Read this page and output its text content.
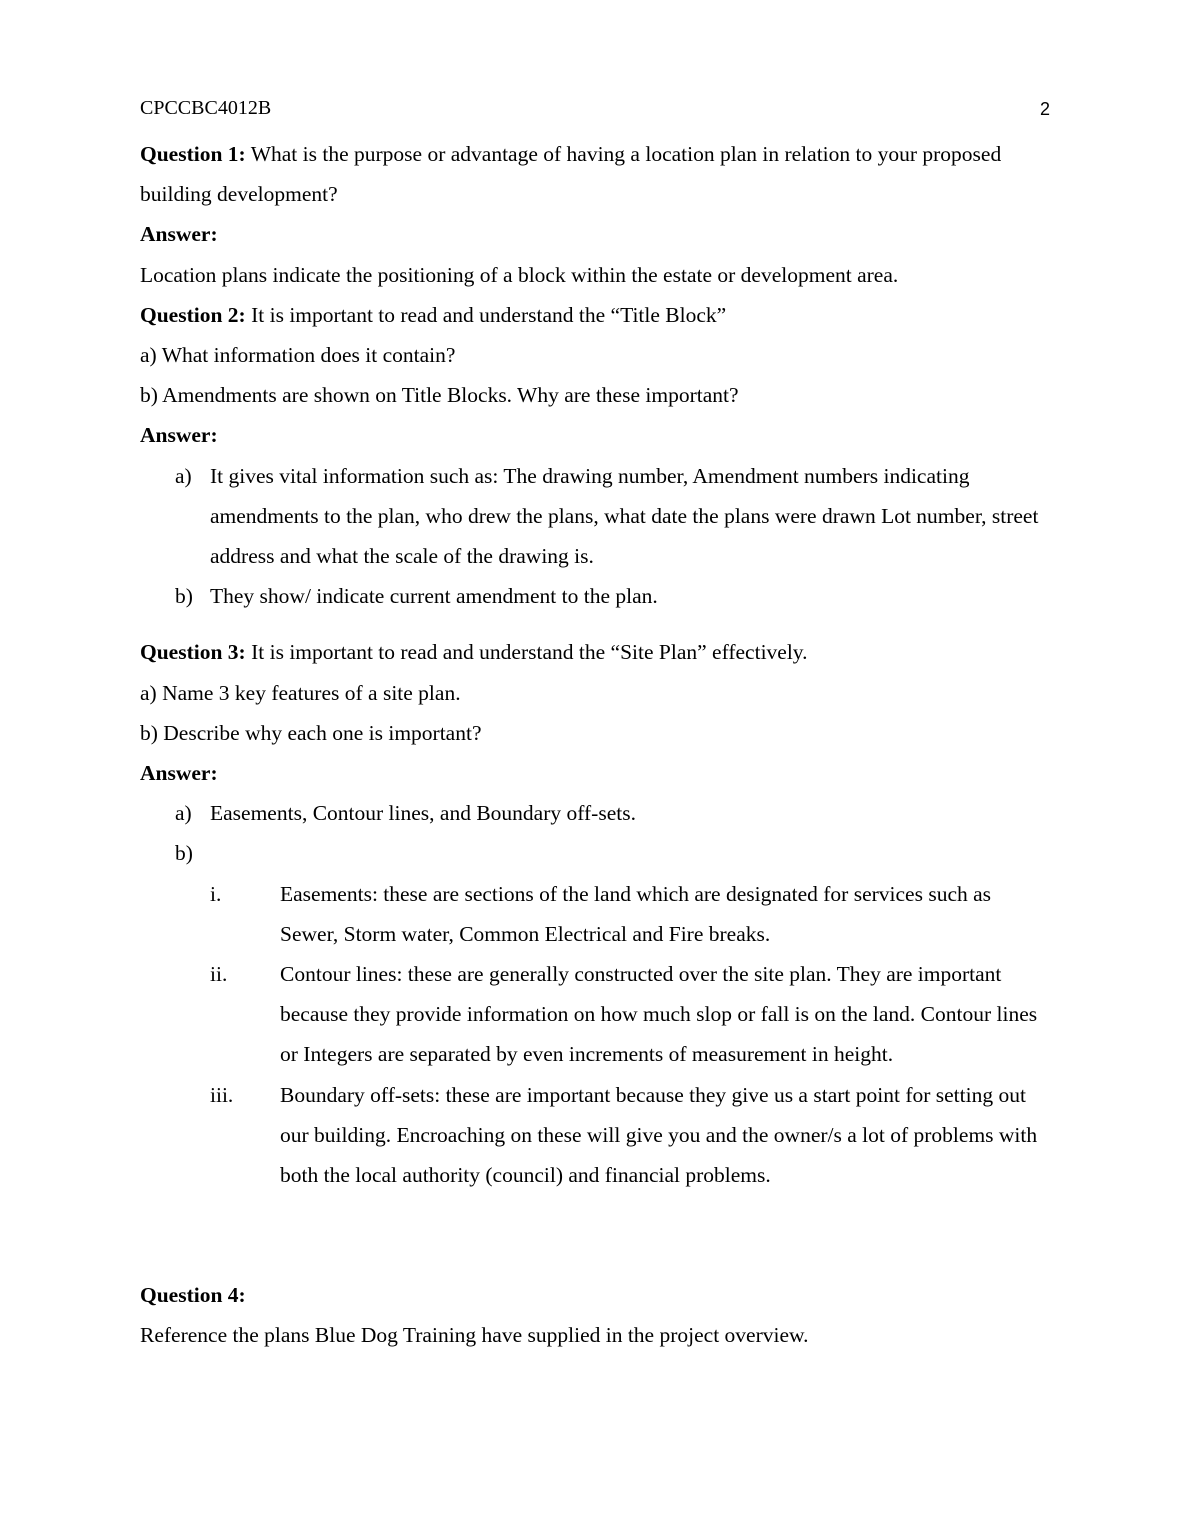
CPCCBC4012B	2

Question 1: What is the purpose or advantage of having a location plan in relation to your proposed building development?

Answer:

Location plans indicate the positioning of a block within the estate or development area.

Question 2: It is important to read and understand the “Title Block”

a) What information does it contain?

b) Amendments are shown on Title Blocks. Why are these important?

Answer:

a) It gives vital information such as: The drawing number, Amendment numbers indicating amendments to the plan, who drew the plans, what date the plans were drawn Lot number, street address and what the scale of the drawing is.
b) They show/ indicate current amendment to the plan.

Question 3: It is important to read and understand the “Site Plan” effectively.

a) Name 3 key features of a site plan.

b) Describe why each one is important?

Answer:

a) Easements, Contour lines, and Boundary off-sets.
b)

i.	Easements: these are sections of the land which are designated for services such as Sewer, Storm water, Common Electrical and Fire breaks.
ii. Contour lines: these are generally constructed over the site plan. They are important because they provide information on how much slop or fall is on the land. Contour lines or Integers are separated by even increments of measurement in height.
iii. Boundary off-sets: these are important because they give us a start point for setting out our building. Encroaching on these will give you and the owner/s a lot of problems with both the local authority (council) and financial problems.

Question 4:

Reference the plans Blue Dog Training have supplied in the project overview.
